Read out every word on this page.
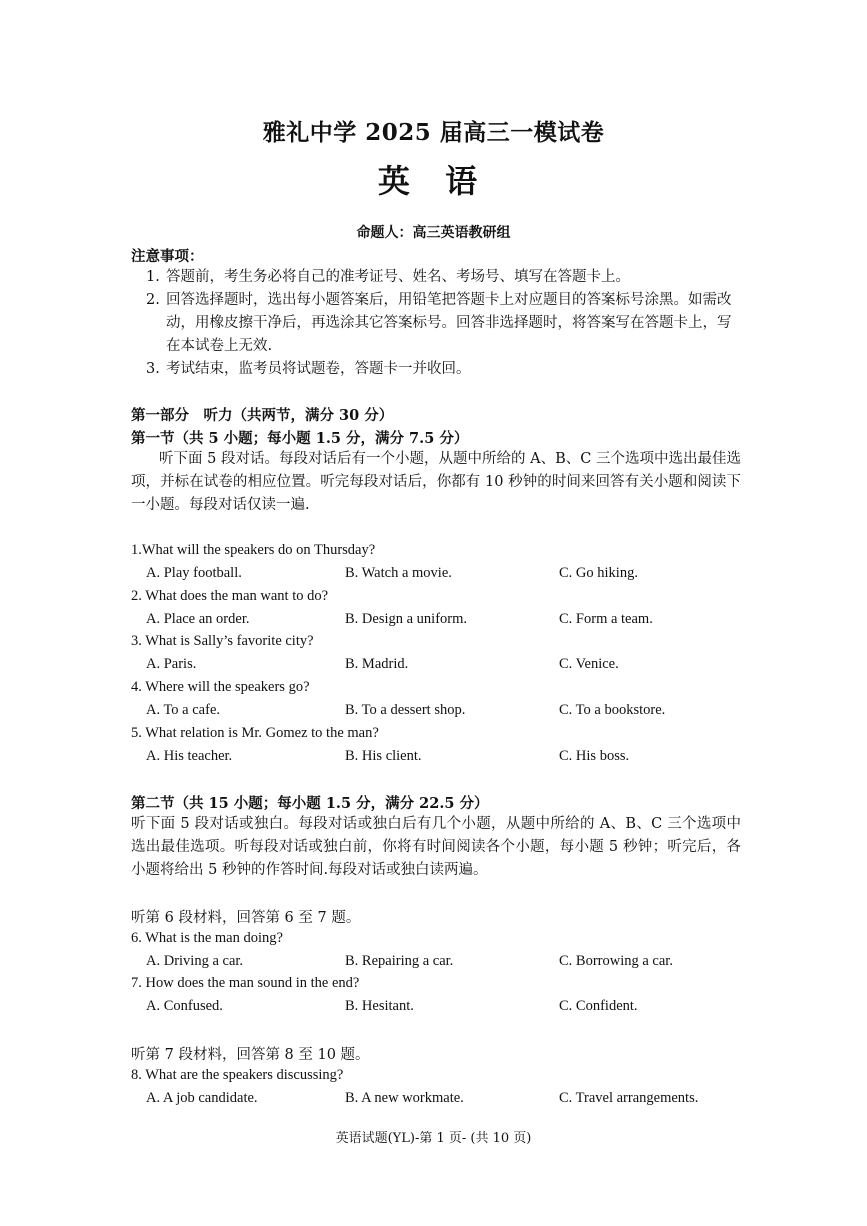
雅礼中学 2025 届高三一模试卷
英 语
命题人：高三英语教研组
注意事项：
1. 答题前，考生务必将自己的准考证号、姓名、考场号、填写在答题卡上。
2. 回答选择题时，选出每小题答案后，用铅笔把答题卡上对应题目的答案标号涂黑。如需改动，用橡皮擦干净后，再选涂其它答案标号。回答非选择题时，将答案写在答题卡上，写在本试卷上无效.
3. 考试结束，监考员将试题卷，答题卡一并收回。
第一部分　听力（共两节，满分 30 分）
第一节（共 5 小题；每小题 1.5 分，满分 7.5 分）
听下面 5 段对话。每段对话后有一个小题，从题中所给的 A、B、C 三个选项中选出最佳选项，并标在试卷的相应位置。听完每段对话后，你都有 10 秒钟的时间来回答有关小题和阅读下一小题。每段对话仅读一遍.
1.What will the speakers do on Thursday?
A. Play football.	B. Watch a movie.	C. Go hiking.
2. What does the man want to do?
A. Place an order.	B. Design a uniform.	C. Form a team.
3. What is Sally’s favorite city?
A. Paris.	B. Madrid.	C. Venice.
4. Where will the speakers go?
A. To a cafe.	B. To a dessert shop.	C. To a bookstore.
5. What relation is Mr. Gomez to the man?
A. His teacher.	B. His client.	C. His boss.
第二节（共 15 小题；每小题 1.5 分，满分 22.5 分）
听下面 5 段对话或独白。每段对话或独白后有几个小题，从题中所给的 A、B、C 三个选项中选出最佳选项。听每段对话或独白前，你将有时间阅读各个小题，每小题 5 秒钟；听完后，各小题将给出 5 秒钟的作答时间.每段对话或独白读两遍。
听第 6 段材料，回答第 6 至 7 题。
6. What is the man doing?
A. Driving a car.	B. Repairing a car.	C. Borrowing a car.
7. How does the man sound in the end?
A. Confused.	B. Hesitant.	C. Confident.
听第 7 段材料，回答第 8 至 10 题。
8. What are the speakers discussing?
A. A job candidate.	B. A new workmate.	C. Travel arrangements.
英语试题(YL)-第 1 页- (共 10 页)
